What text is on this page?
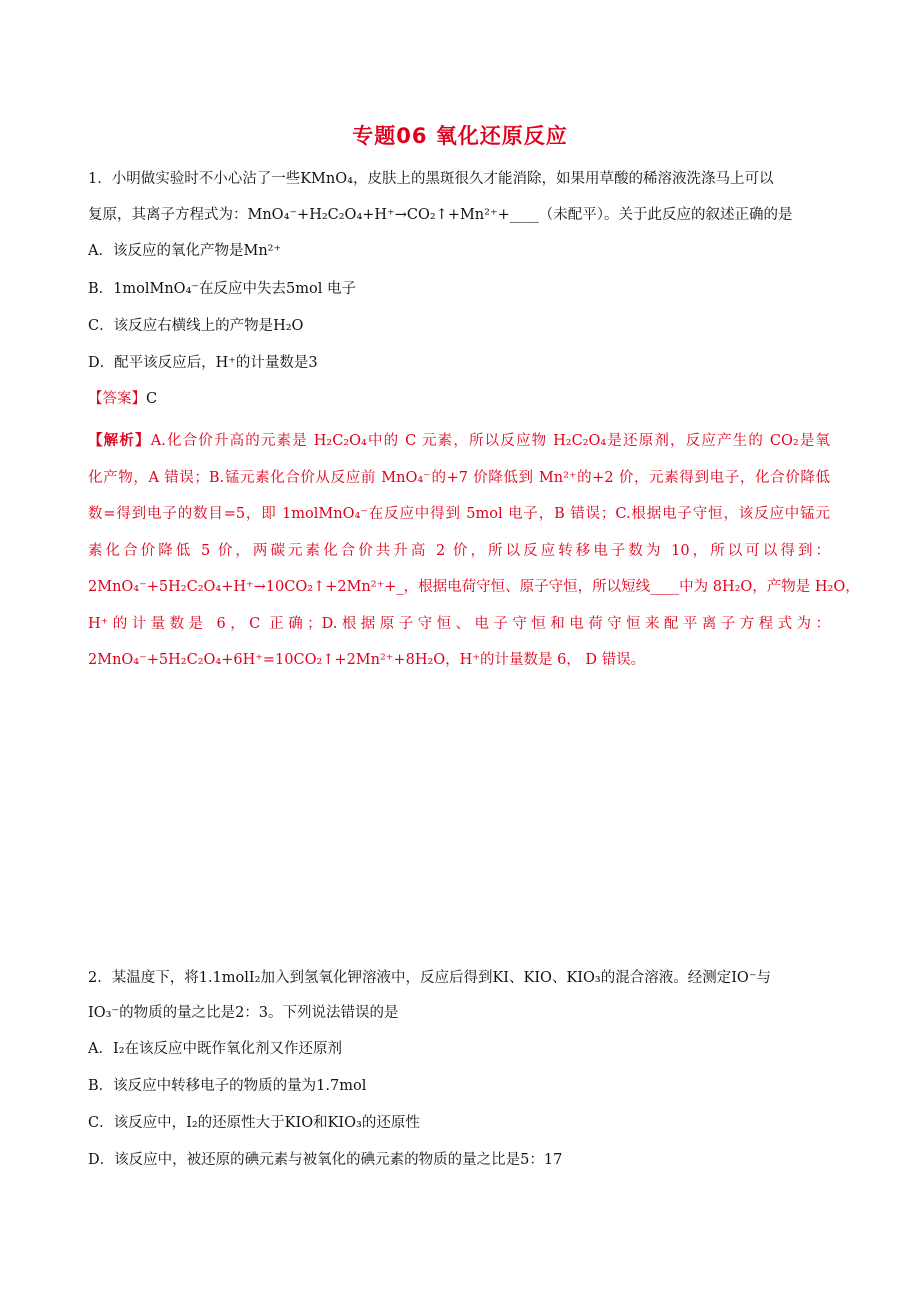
专题06 氧化还原反应
1．小明做实验时不小心沾了一些KMnO₄，皮肤上的黑斑很久才能消除，如果用草酸的稀溶液洗涤马上可以
复原，其离子方程式为：MnO₄⁻+H₂C₂O₄+H⁺→CO₂↑+Mn²⁺+____（未配平）。关于此反应的叙述正确的是
A．该反应的氧化产物是Mn²⁺
B．1molMnO₄⁻在反应中失去5mol 电子
C．该反应右横线上的产物是H₂O
D．配平该反应后，H⁺的计量数是3
【答案】C
【解析】A.化合价升高的元素是 H₂C₂O₄中的 C 元素，所以反应物 H₂C₂O₄是还原剂，反应产生的 CO₂是氧
化产物，A 错误；B.锰元素化合价从反应前 MnO₄⁻的+7 价降低到 Mn²⁺的+2 价，元素得到电子，化合价降低
数=得到电子的数目=5，即 1molMnO₄⁻在反应中得到 5mol 电子，B 错误；C.根据电子守恒，该反应中锰元
素化合价降低 5 价，两碳元素化合价共升高 2 价，所以反应转移电子数为 10，所以可以得到：
2MnO₄⁻+5H₂C₂O₄+H⁺→10CO₂↑+2Mn²⁺+_，根据电荷守恒、原子守恒，所以短线____中为 8H₂O，产物是 H₂O，
H⁺的计量数是 6，C 正确；D.根据原子守恒、电子守恒和电荷守恒来配平离子方程式为：
2MnO₄⁻+5H₂C₂O₄+6H⁺=10CO₂↑+2Mn²⁺+8H₂O，H⁺的计量数是 6， D 错误。
2．某温度下，将1.1molI₂加入到氢氧化钾溶液中，反应后得到KI、KIO、KIO₃的混合溶液。经测定IO⁻与
IO₃⁻的物质的量之比是2：3。下列说法错误的是
A．I₂在该反应中既作氧化剂又作还原剂
B．该反应中转移电子的物质的量为1.7mol
C．该反应中，I₂的还原性大于KIO和KIO₃的还原性
D．该反应中，被还原的碘元素与被氧化的碘元素的物质的量之比是5：17
